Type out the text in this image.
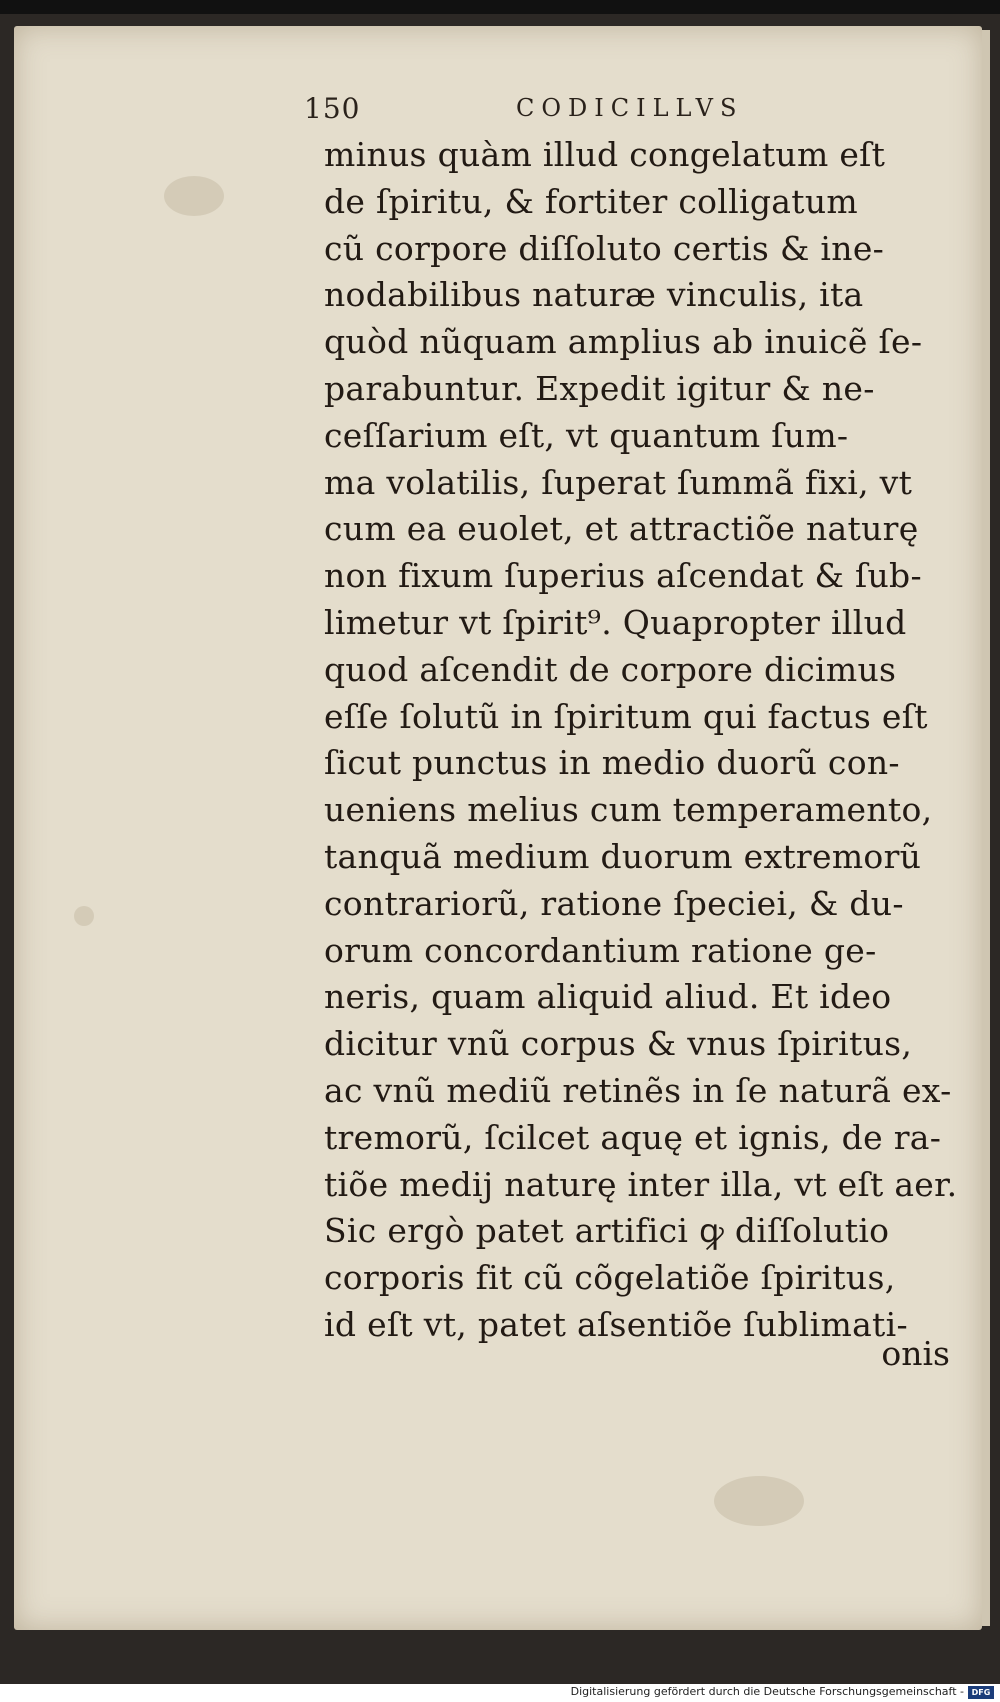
150	CODICILLVS
minus quàm illud congelatum eſt
de ſpiritu, & fortiter colligatum
cũ corpore diſſoluto certis & ine-
nodabilibus naturæ vinculis, ita
quòd nũquam amplius ab inuicẽ ſe-
parabuntur. Expedit igitur & ne-
ceſſarium eſt, vt quantum ſum-
ma volatilis, ſuperat ſummã fixi, vt
cum ea euolet, et attractiõe naturę
non fixum ſuperius aſcendat & ſub-
limetur vt ſpirit⁹. Quapropter illud
quod aſcendit de corpore dicimus
eſſe ſolutũ in ſpiritum qui factus eſt
ſicut punctus in medio duorũ con-
ueniens melius cum temperamento,
tanquã medium duorum extremorũ
contrariorũ, ratione ſpeciei, & du-
orum concordantium ratione ge-
neris, quam aliquid aliud. Et ideo
dicitur vnũ corpus & vnus ſpiritus,
ac vnũ mediũ retinẽs in ſe naturã ex-
tremorũ, ſcilcet aquę et ignis, de ra-
tiõe medij naturę inter illa, vt eſt aer.
Sic ergò patet artifici ꝙ diſſolutio
corporis fit cũ cõgelatiõe ſpiritus,
id eſt vt, patet aſsentiõe ſublimati-
onis
Digitalisierung gefördert durch die Deutsche Forschungsgemeinschaft - DFG
